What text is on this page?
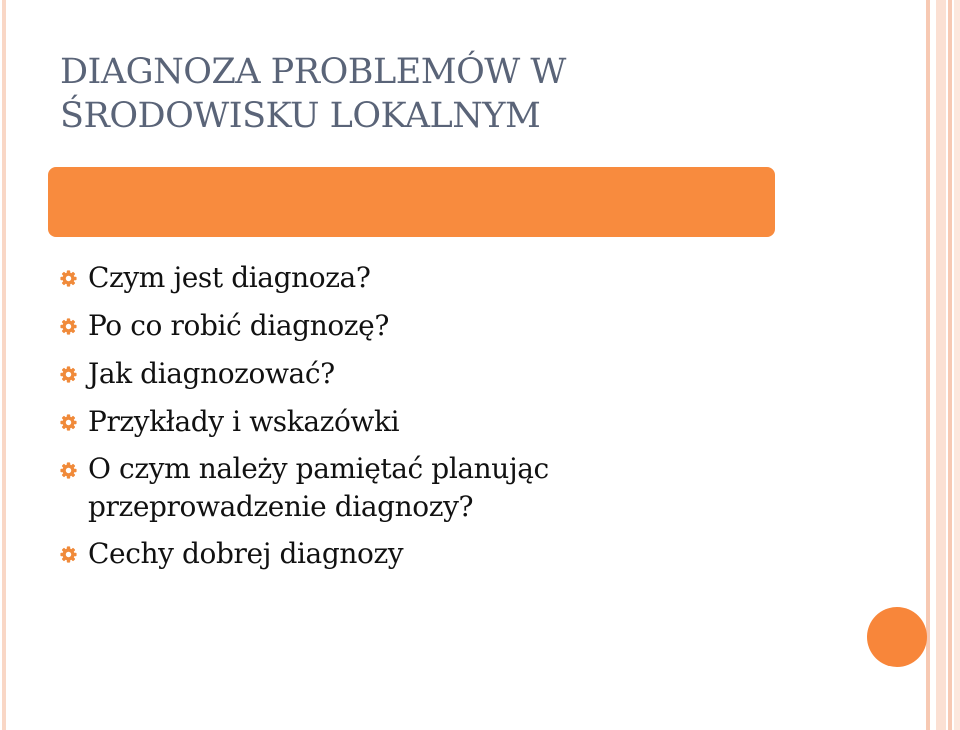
DIAGNOZA PROBLEMÓW W
ŚRODOWISKU LOKALNYM
Czym jest diagnoza?
Po co robić diagnozę?
Jak diagnozować?
Przykłady i wskazówki
O czym należy pamiętać planując
przeprowadzenie diagnozy?
Cechy dobrej diagnozy
